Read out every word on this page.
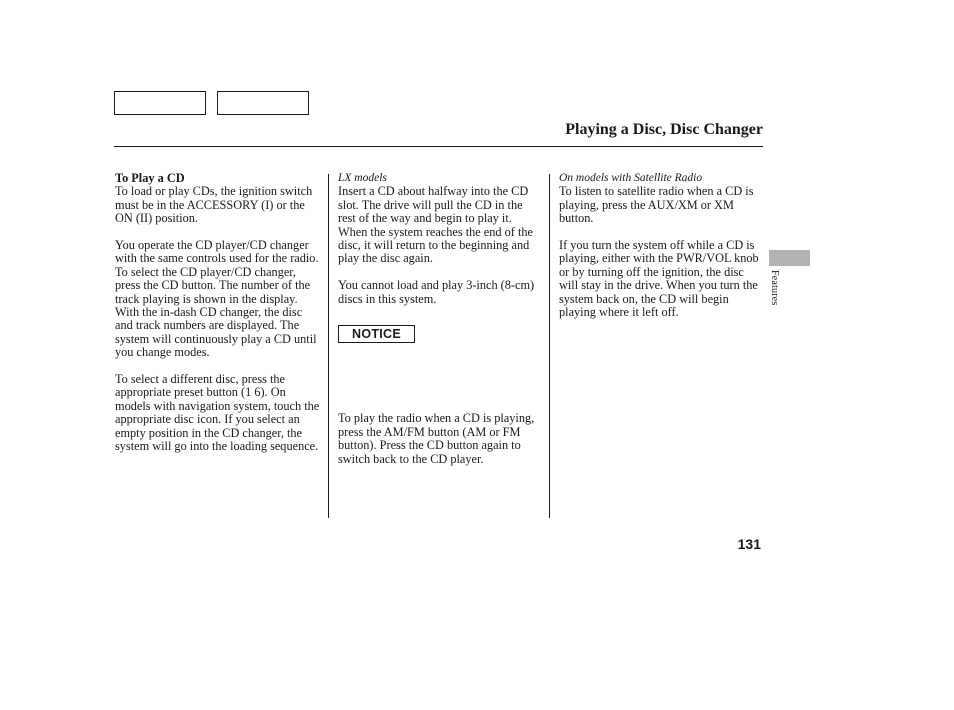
Playing a Disc, Disc Changer

To Play a CD

To load or play CDs, the ignition switch must be in the ACCESSORY (I) or the ON (II) position.

You operate the CD player/CD changer with the same controls used for the radio. To select the CD player/CD changer, press the CD button. The number of the track playing is shown in the display. With the in-dash CD changer, the disc and track numbers are displayed. The system will continuously play a CD until you change modes.

To select a different disc, press the appropriate preset button (1 6). On models with navigation system, touch the appropriate disc icon. If you select an empty position in the CD changer, the system will go into the loading sequence.

LX models

Insert a CD about halfway into the CD slot. The drive will pull the CD in the rest of the way and begin to play it. When the system reaches the end of the disc, it will return to the beginning and play the disc again.

You cannot load and play 3-inch (8-cm) discs in this system.

NOTICE

To play the radio when a CD is playing, press the AM/FM button (AM or FM button). Press the CD button again to switch back to the CD player.

On models with Satellite Radio

To listen to satellite radio when a CD is playing, press the AUX/XM or XM button.

If you turn the system off while a CD is playing, either with the PWR/VOL knob or by turning off the ignition, the disc will stay in the drive. When you turn the system back on, the CD will begin playing where it left off.

Features
131
